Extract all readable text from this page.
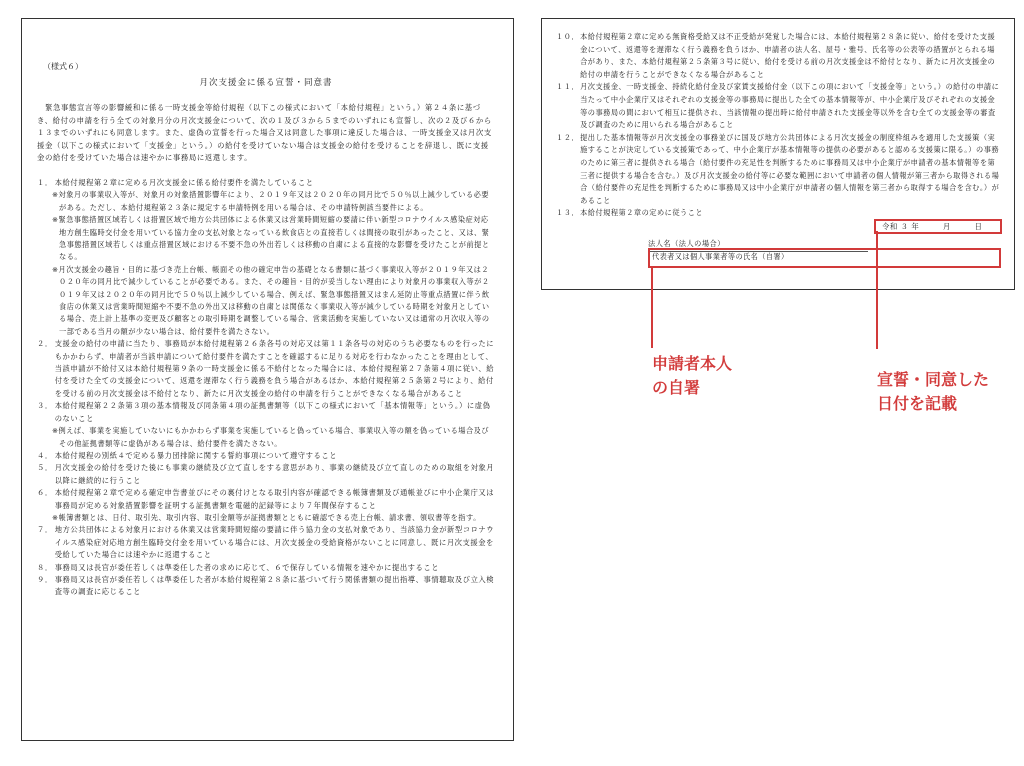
（様式６）
月次支援金に係る宣誓・同意書

緊急事態宣言等の影響緩和に係る一時支援金等給付規程（以下この様式において「本給付規程」という。）第２４条に基づき、給付の申請を行う全ての対象月分の月次支援金について、次の１及び３から５までのいずれにも宣誓し、次の２及び６から１３までのいずれにも同意します。また、虚偽の宣誓を行った場合又は同意した事項に違反した場合は、一時支援金又は月次支援金（以下この様式において「支援金」という。）の給付を受けていない場合は支援金の給付を受けることを辞退し、既に支援金の給付を受けていた場合は速やかに事務局に返還します。

１． 本給付規程第２章に定める月次支援金に係る給付要件を満たしていること

※対象月の事業収入等が、対象月の対象措置影響年により、２０１９年又は２０２０年の同月比で５０％以上減少している必要がある。ただし、本給付規程第２３条に規定する申請特例を用いる場合は、その申請特例該当要件による。

※緊急事態措置区域若しくは措置区域で地方公共団体による休業又は営業時間短縮の要請に伴い新型コロナウイルス感染症対応地方創生臨時交付金を用いている協力金の支払対象となっている飲食店との直接若しくは間接の取引があったこと、又は、緊急事態措置区域若しくは重点措置区域における不要不急の外出若しくは移動の自粛による直接的な影響を受けたことが前提となる。

※月次支援金の趣旨・目的に基づき売上台帳、帳面その他の確定申告の基礎となる書類に基づく事業収入等が２０１９年又は２０２０年の同月比で減少していることが必要である。また、その趣旨・目的が妥当しない理由により対象月の事業収入等が２０１９年又は２０２０年の同月比で５０％以上減少している場合、例えば、緊急事態措置又はまん延防止等重点措置に伴う飲食店の休業又は営業時間短縮や不要不急の外出又は移動の自粛とは関係なく事業収入等が減少している時期を対象月としている場合、売上計上基準の変更及び顧客との取引時期を調整している場合、営業活動を実施していない又は通常の月次収入等の一部である当月の額が少ない場合は、給付要件を満たさない。

２． 支援金の給付の申請に当たり、事務局が本給付規程第２６条各号の対応又は第１１条各号の対応のうち必要なものを行ったにもかかわらず、申請者が当該申請について給付要件を満たすことを確認するに足りる対応を行わなかったことを理由として、当該申請が不給付又は本給付規程第９条の一時支援金に係る不給付となった場合には、本給付規程第２７条第４項に従い、給付を受けた全ての支援金について、返還を遅滞なく行う義務を負う場合があるほか、本給付規程第２５条第２号により、給付を受ける前の月次支援金は不給付となり、新たに月次支援金の給付の申請を行うことができなくなる場合があること
３． 本給付規程第２２条第３項の基本情報及び同条第４項の証拠書類等（以下この様式において「基本情報等」という。）に虚偽のないこと

※例えば、事業を実施していないにもかかわらず事業を実施していると偽っている場合、事業収入等の額を偽っている場合及びその他証拠書類等に虚偽がある場合は、給付要件を満たさない。

４． 本給付規程の別紙４で定める暴力団排除に関する誓約事項について遵守すること
５． 月次支援金の給付を受けた後にも事業の継続及び立て直しをする意思があり、事業の継続及び立て直しのための取組を対象月以降に継続的に行うこと
６． 本給付規程第２章で定める確定申告書並びにその裏付けとなる取引内容が確認できる帳簿書類及び通帳並びに中小企業庁又は事務局が定める対象措置影響を証明する証拠書類を電磁的記録等により７年間保存すること

※帳簿書類とは、日付、取引先、取引内容、取引金額等が証拠書類とともに確認できる売上台帳、請求書、領収書等を指す。

７． 地方公共団体による対象月における休業又は営業時間短縮の要請に伴う協力金の支払対象であり、当該協力金が新型コロナウイルス感染症対応地方創生臨時交付金を用いている場合には、月次支援金の受給資格がないことに同意し、既に月次支援金を受給していた場合には速やかに返還すること
８． 事務局又は長官が委任若しくは準委任した者の求めに応じて、６で保存している情報を速やかに提出すること
９． 事務局又は長官が委任若しくは準委任した者が本給付規程第２８条に基づいて行う関係書類の提出指導、事情聴取及び立入検査等の調査に応じること
１０． 本給付規程第２章に定める無資格受給又は不正受給が発覚した場合には、本給付規程第２８条に従い、給付を受けた支援金について、返還等を遅滞なく行う義務を負うほか、申請者の法人名、屋号・雅号、氏名等の公表等の措置がとられる場合があり、また、本給付規程第２５条第３号に従い、給付を受ける前の月次支援金は不給付となり、新たに月次支援金の給付の申請を行うことができなくなる場合があること
１１． 月次支援金、一時支援金、持続化給付金及び家賃支援給付金（以下この項において「支援金等」という。）の給付の申請に当たって中小企業庁又はそれぞれの支援金等の事務局に提出した全ての基本情報等が、中小企業庁及びそれぞれの支援金等の事務局の間において相互に提供され、当該情報の提出時に給付申請された支援金等以外を含む全ての支援金等の審査及び調査のために用いられる場合があること
１２． 提出した基本情報等が月次支援金の事務並びに国及び地方公共団体による月次支援金の制度枠組みを適用した支援策（実施することが決定している支援策であって、中小企業庁が基本情報等の提供の必要があると認める支援策に限る。）の事務のために第三者に提供される場合（給付要件の充足性を判断するために事務局又は中小企業庁が申請者の基本情報等を第三者に提供する場合を含む。）及び月次支援金の給付等に必要な範囲において申請者の個人情報が第三者から取得される場合（給付要件の充足性を判断するために事務局又は中小企業庁が申請者の個人情報を第三者から取得する場合を含む。）があること
１３． 本給付規程第２章の定めに従うこと
令和 ３ 年　　　月　　　日
法人名（法人の場合）
代表者又は個人事業者等の氏名（自署）
申請者本人
の自署	宣誓・同意した
日付を記載
